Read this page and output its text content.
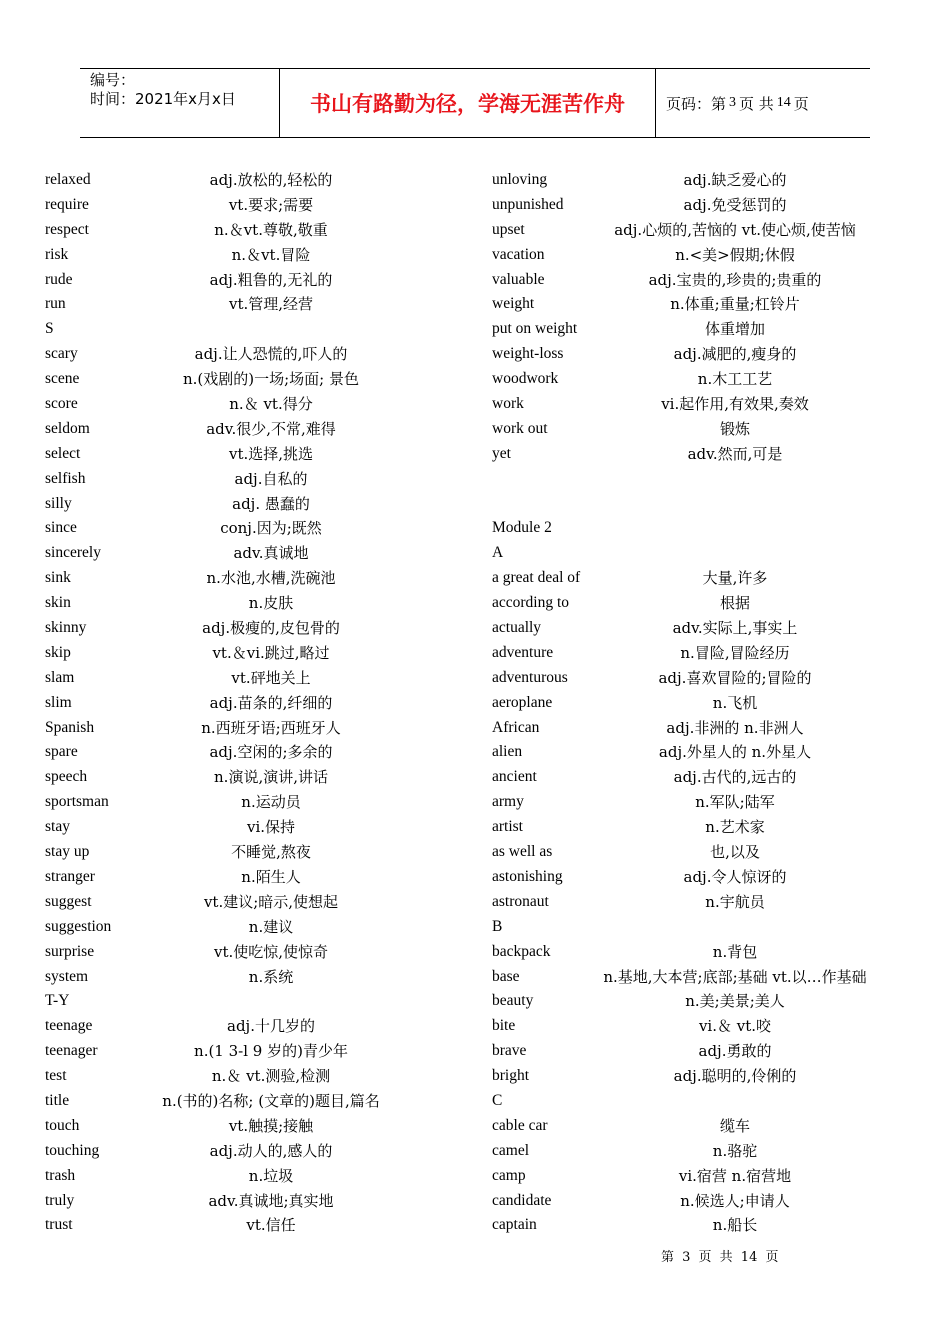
编号：
时间：2021年x月x日	书山有路勤为径，学海无涯苦作舟	页码：第 3 页 共 14 页
relaxed	adj.放松的,轻松的
require	vt.要求;需要
respect	n.＆vt.尊敬,敬重
risk	n.＆vt.冒险
rude	adj.粗鲁的,无礼的
run	vt.管理,经营
S
scary	adj.让人恐慌的,吓人的
scene	n.(戏剧的)一场;场面; 景色
score	n.＆ vt.得分
seldom	adv.很少,不常,难得
select	vt.选择,挑选
selfish	adj.自私的
silly	adj. 愚蠢的
since	conj.因为;既然
sincerely	adv.真诚地
sink	n.水池,水槽,洗碗池
skin	n.皮肤
skinny	adj.极瘦的,皮包骨的
skip	vt.＆vi.跳过,略过
slam	vt.砰地关上
slim	adj.苗条的,纤细的
Spanish	n.西班牙语;西班牙人
spare	adj.空闲的;多余的
speech	n.演说,演讲,讲话
sportsman	n.运动员
stay	vi.保持
stay up	不睡觉,熬夜
stranger	n.陌生人
suggest	vt.建议;暗示,使想起
suggestion	n.建议
surprise	vt.使吃惊,使惊奇
system	n.系统
T-Y
teenage	adj.十几岁的
teenager	n.(1 3-l 9 岁的)青少年
test	n.＆ vt.测验,检测
title	n.(书的)名称; (文章的)题目,篇名
touch	vt.触摸;接触
touching	adj.动人的,感人的
trash	n.垃圾
truly	adv.真诚地;真实地
trust	vt.信任
unloving	adj.缺乏爱心的
unpunished	adj.免受惩罚的
upset	adj.心烦的,苦恼的 vt.使心烦,使苦恼
vacation	n.<美>假期;休假
valuable	adj.宝贵的,珍贵的;贵重的
weight	n.体重;重量;杠铃片
put on weight	体重增加
weight-loss	adj.减肥的,瘦身的
woodwork	n.木工工艺
work	vi.起作用,有效果,奏效
work out	锻炼
yet	adv.然而,可是
Module 2
A
a great deal of	大量,许多
according to	根据
actually	adv.实际上,事实上
adventure	n.冒险,冒险经历
adventurous	adj.喜欢冒险的;冒险的
aeroplane	n.飞机
African	adj.非洲的 n.非洲人
alien	adj.外星人的 n.外星人
ancient	adj.古代的,远古的
army	n.军队;陆军
artist	n.艺术家
as well as	也,以及
astonishing	adj.令人惊讶的
astronaut	n.宇航员
B
backpack	n.背包
base	n.基地,大本营;底部;基础 vt.以…作基础
beauty	n.美;美景;美人
bite	vi.＆ vt.咬
brave	adj.勇敢的
bright	adj.聪明的,伶俐的
C
cable car	缆车
camel	n.骆驼
camp	vi.宿营 n.宿营地
candidate	n.候选人;申请人
captain	n.船长
第 3 页 共 14 页
